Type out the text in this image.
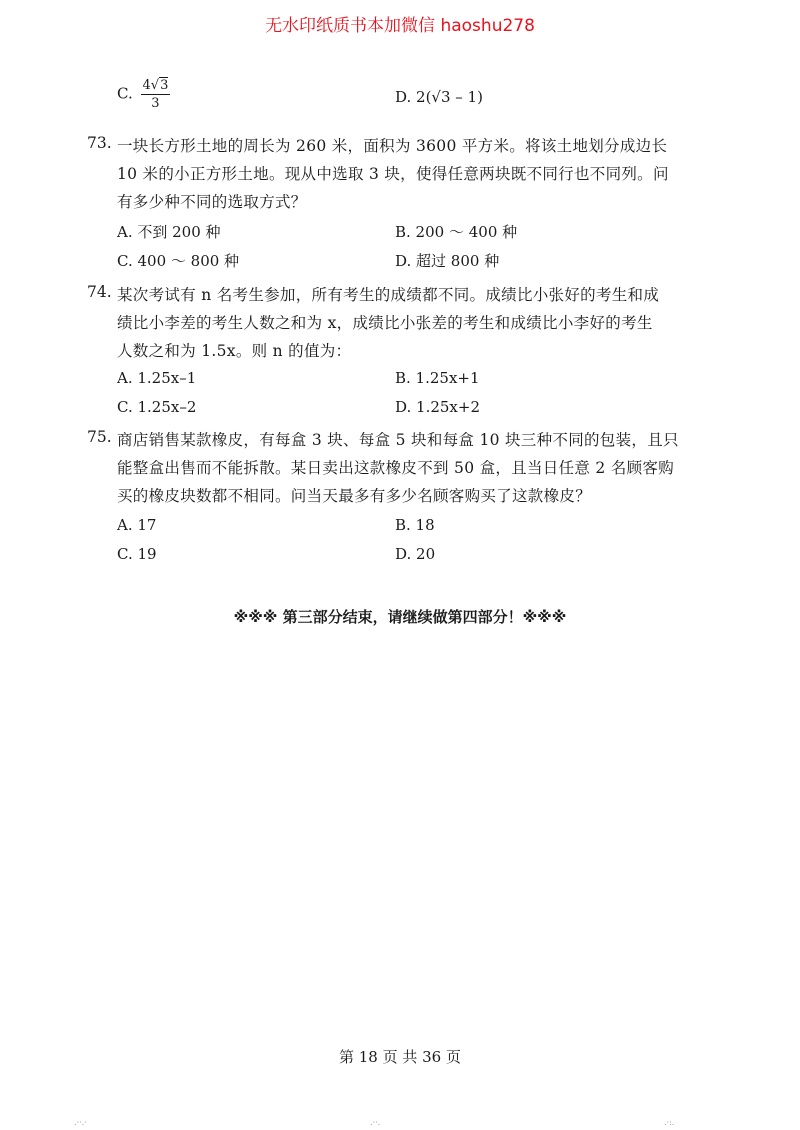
无水印纸质书本加微信 haoshu278
C. $\frac{4√3}{3}$	D. 2(√3 – 1)
73. 一块长方形土地的周长为 260 米，面积为 3600 平方米。将该土地划分成边长
10 米的小正方形土地。现从中选取 3 块，使得任意两块既不同行也不同列。问
有多少种不同的选取方式？
A. 不到 200 种	B. 200 ～ 400 种
C. 400 ～ 800 种	D. 超过 800 种
74. 某次考试有 n 名考生参加，所有考生的成绩都不同。成绩比小张好的考生和成
绩比小李差的考生人数之和为 x，成绩比小张差的考生和成绩比小李好的考生
人数之和为 1.5x。则 n 的值为：
A. 1.25x–1	B. 1.25x+1
C. 1.25x–2	D. 1.25x+2
75. 商店销售某款橡皮，有每盒 3 块、每盒 5 块和每盒 10 块三种不同的包装，且只
能整盒出售而不能拆散。某日卖出这款橡皮不到 50 盒，且当日任意 2 名顾客购
买的橡皮块数都不相同。问当天最多有多少名顾客购买了这款橡皮？
A. 17	B. 18
C. 19	D. 20
※※※ 第三部分结束，请继续做第四部分！※※※
第 18 页 共 36 页
.··.·	.··.	.·:.
